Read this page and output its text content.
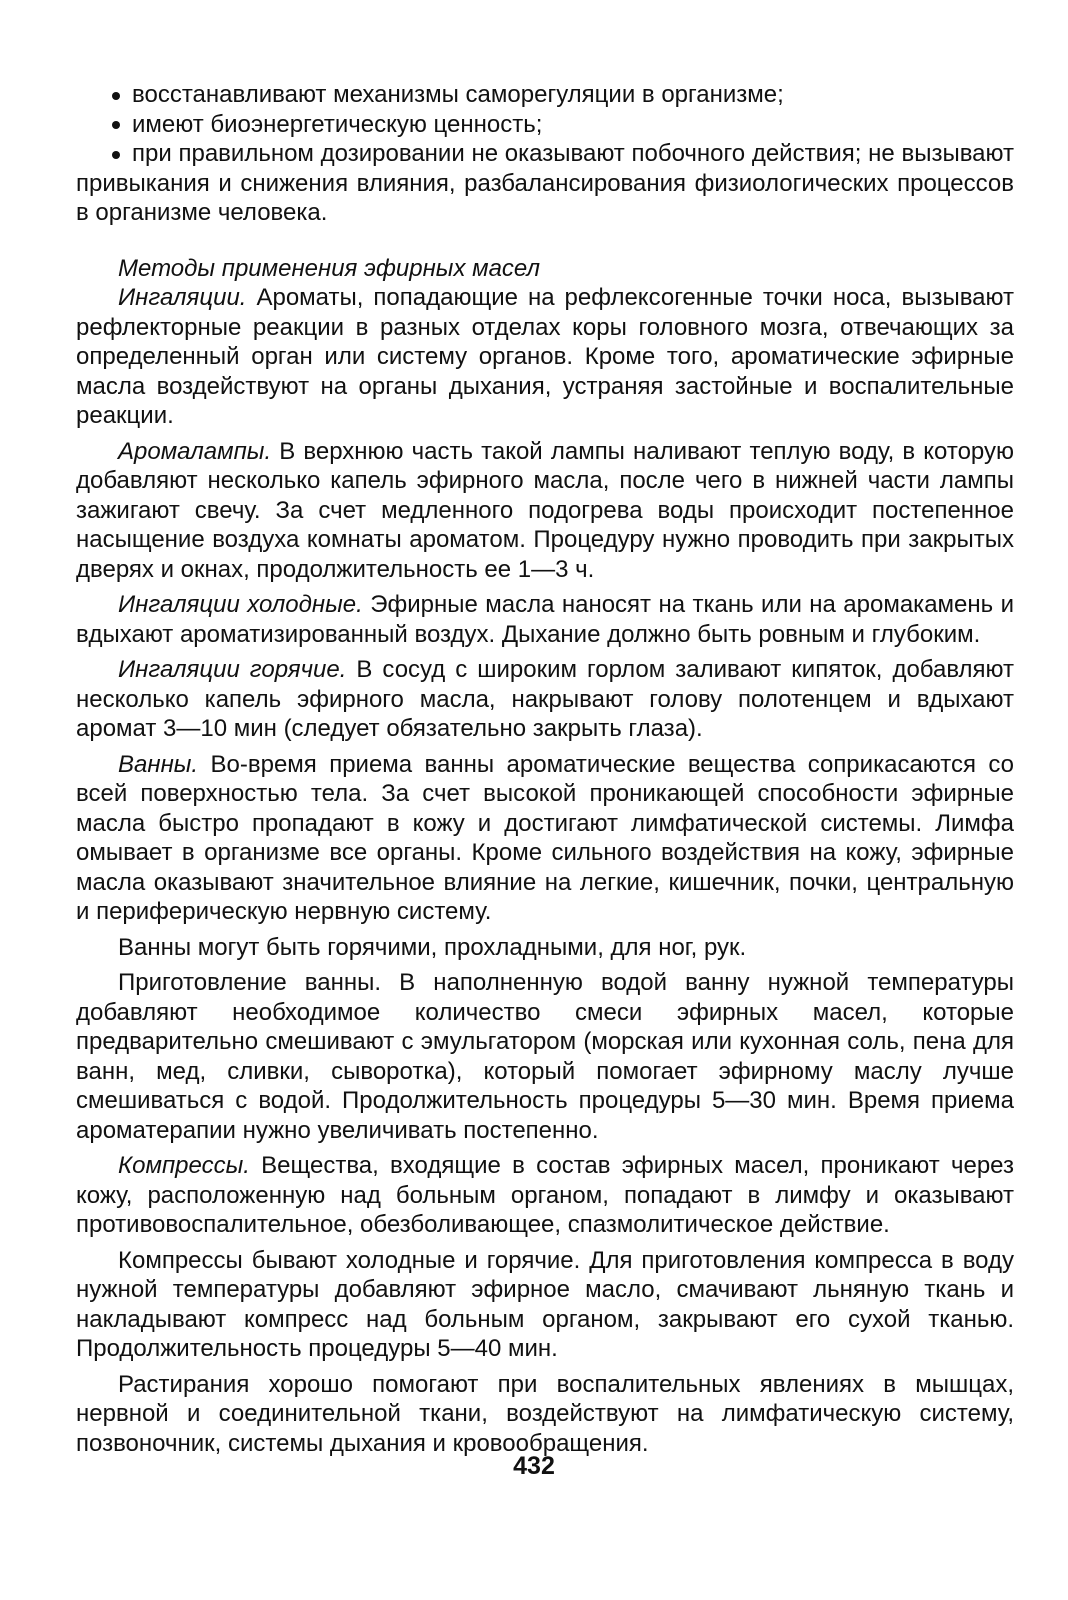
восстанавливают механизмы саморегуляции в организме;
имеют биоэнергетическую ценность;
при правильном дозировании не оказывают побочного действия; не вызывают привыкания и снижения влияния, разбалансирования физиологических процессов в организме человека.
Методы применения эфирных масел

Ингаляции. Ароматы, попадающие на рефлексогенные точки носа, вызывают рефлекторные реакции в разных отделах коры головного мозга, отвечающих за определенный орган или систему органов. Кроме того, ароматические эфирные масла воздействуют на органы дыхания, устраняя застойные и воспалительные реакции.

Аромалампы. В верхнюю часть такой лампы наливают теплую воду, в которую добавляют несколько капель эфирного масла, после чего в нижней части лампы зажигают свечу. За счет медленного подогрева воды происходит постепенное насыщение воздуха комнаты ароматом. Процедуру нужно проводить при закрытых дверях и окнах, продолжительность ее 1—3 ч.

Ингаляции холодные. Эфирные масла наносят на ткань или на аромакамень и вдыхают ароматизированный воздух. Дыхание должно быть ровным и глубоким.

Ингаляции горячие. В сосуд с широким горлом заливают кипяток, добавляют несколько капель эфирного масла, накрывают голову полотенцем и вдыхают аромат 3—10 мин (следует обязательно закрыть глаза).

Ванны. Во-время приема ванны ароматические вещества соприкасаются со всей поверхностью тела. За счет высокой проникающей способности эфирные масла быстро пропадают в кожу и достигают лимфатической системы. Лимфа омывает в организме все органы. Кроме сильного воздействия на кожу, эфирные масла оказывают значительное влияние на легкие, кишечник, почки, центральную и периферическую нервную систему.

Ванны могут быть горячими, прохладными, для ног, рук.

Приготовление ванны. В наполненную водой ванну нужной температуры добавляют необходимое количество смеси эфирных масел, которые предварительно смешивают с эмульгатором (морская или кухонная соль, пена для ванн, мед, сливки, сыворотка), который помогает эфирному маслу лучше смешиваться с водой. Продолжительность процедуры 5—30 мин. Время приема ароматерапии нужно увеличивать постепенно.

Компрессы. Вещества, входящие в состав эфирных масел, проникают через кожу, расположенную над больным органом, попадают в лимфу и оказывают противовоспалительное, обезболивающее, спазмолитическое действие.

Компрессы бывают холодные и горячие. Для приготовления компресса в воду нужной температуры добавляют эфирное масло, смачивают льняную ткань и накладывают компресс над больным органом, закрывают его сухой тканью. Продолжительность процедуры 5—40 мин.

Растирания хорошо помогают при воспалительных явлениях в мышцах, нервной и соединительной ткани, воздействуют на лимфатическую систему, позвоночник, системы дыхания и кровообращения.

432
